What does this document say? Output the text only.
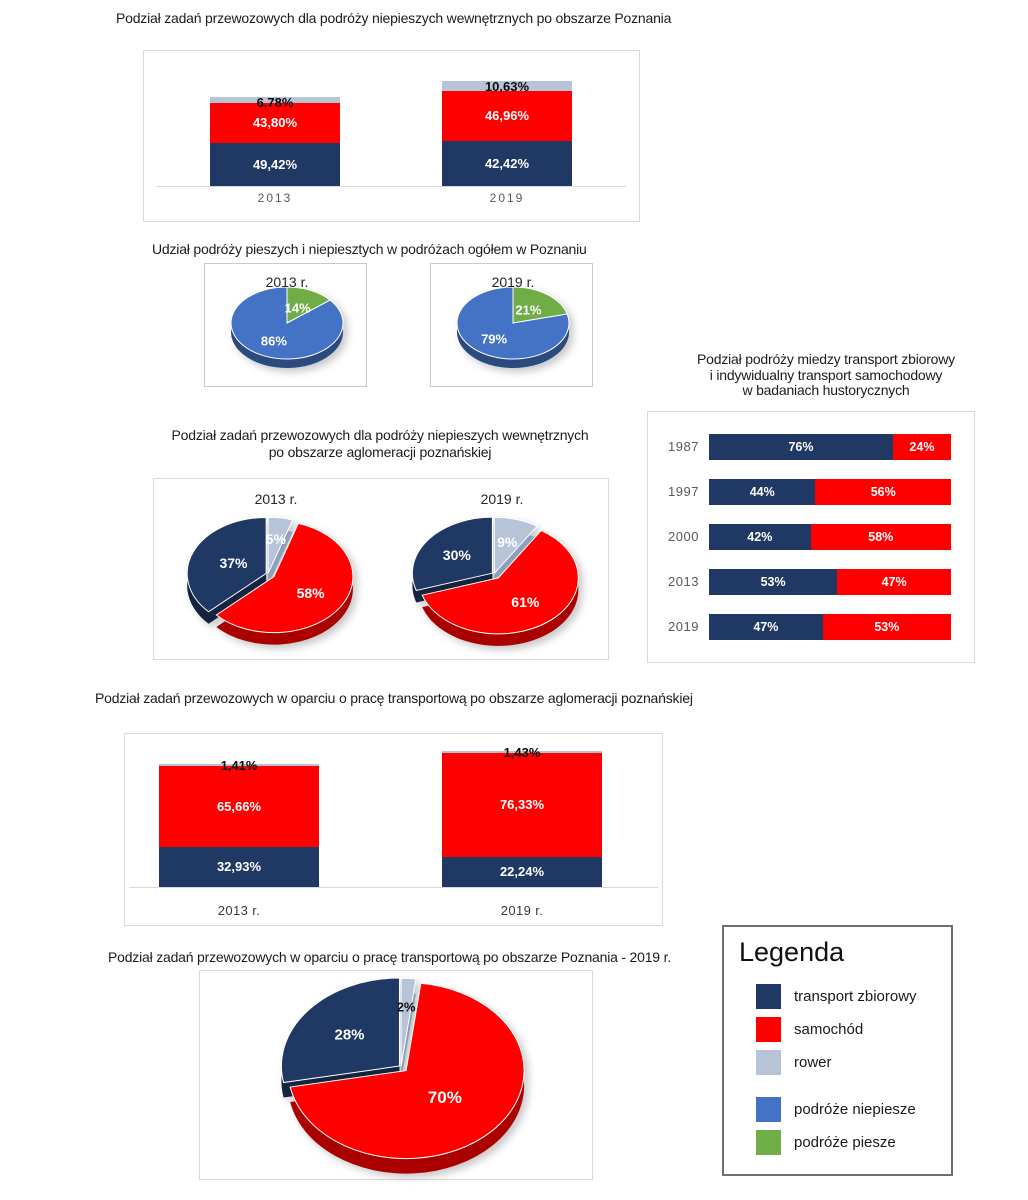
Podział zadań przewozowych dla podróży niepieszych wewnętrznych po obszarze Poznania
49,42%
43,80%
6,78%
2013
42,42%
46,96%
10,63%
2019
Udział podróży pieszych i niepiesztych w podróżach ogółem w Poznaniu
14%
86%
2013 r.
21%
79%
2019 r.
Podział podróży miedzy transport zbiorowy
i indywidualny transport samochodowy
w badaniach hustorycznych
1987	76%	24%
1997	44%	56%
2000	42%	58%
2013	53%	47%
2019	47%	53%
Podział zadań przewozowych dla podróży niepieszych wewnętrznych
po obszarze aglomeracji poznańskiej
5%
58%
37%
2013 r.
9%
61%
30%
2019 r.
Podział zadań przewozowych w oparciu o pracę transportową po obszarze aglomeracji poznańskiej
32,93%
65,66%
1,41%
2013 r.
22,24%
76,33%
1,43%
2019 r.
Podział zadań przewozowych w oparciu o pracę transportową po obszarze Poznania - 2019 r.
2%
70%
28%
Legenda
transport zbiorowy
samochód
rower
podróże niepiesze
podróże piesze
